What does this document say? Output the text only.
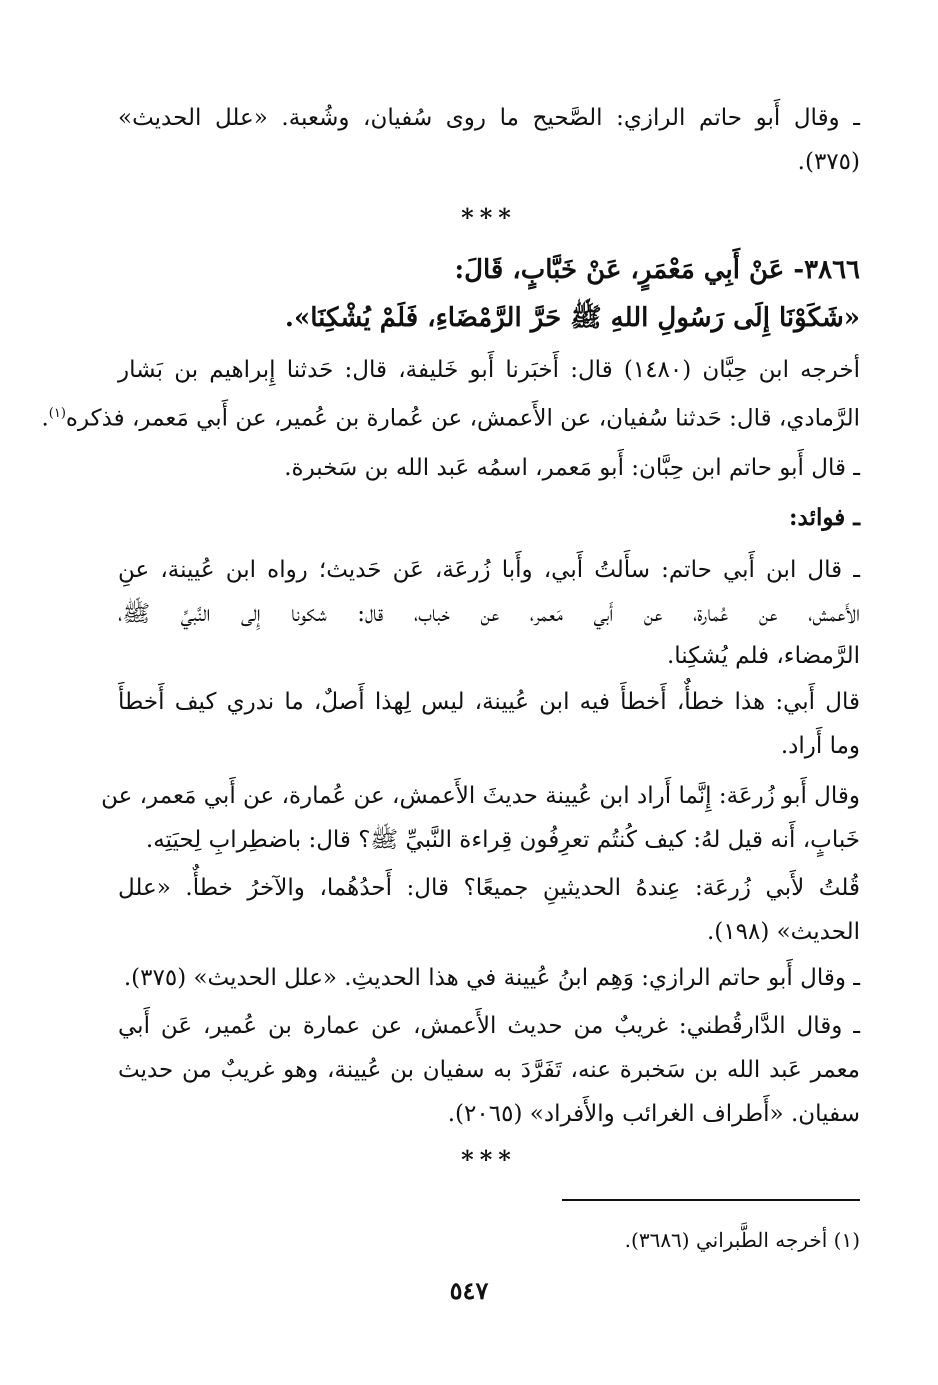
ـ وقال أَبو حاتم الرازي: الصَّحيح ما روى سُفيان، وشُعبة. «علل الحديث»
(٣٧٥).
***
٣٨٦٦- عَنْ أَبِي مَعْمَرٍ، عَنْ خَبَّابٍ، قَالَ:
«شَكَوْنَا إِلَى رَسُولِ اللهِ ﷺ حَرَّ الرَّمْضَاءِ، فَلَمْ يُشْكِنَا».
أخرجه ابن حِبَّان (١٤٨٠) قال: أَخبَرنا أَبو خَليفة، قال: حَدثنا إِبراهيم بن بَشار
الرَّمادي، قال: حَدثنا سُفيان، عن الأَعمش، عن عُمارة بن عُمير، عن أَبي مَعمر، فذكره$^{(١)}$.
ـ قال أَبو حاتم ابن حِبَّان: أَبو مَعمر، اسمُه عَبد الله بن سَخبرة.
ـ فوائد:
ـ قال ابن أَبي حاتم: سأَلتُ أَبي، وأَبا زُرعَة، عَن حَديث؛ رواه ابن عُيينة، عنِ
الأَعمش، عن عُمارة، عن أَبي مَعمر، عن خباب، قال: شكونا إِلى النَّبيِّ ﷺ،
الرَّمضاء، فلم يُشكِنا.
قال أَبي: هذا خطأٌ، أَخطأَ فيه ابن عُيينة، ليس لِهذا أَصلٌ، ما ندري كيف أَخطأَ
وما أَراد.
وقال أَبو زُرعَة: إِنَّما أَراد ابن عُيينة حديثَ الأَعمش، عن عُمارة، عن أَبي مَعمر، عن
خَبابٍ، أَنه قيل لهُ: كيف كُنتُم تعرِفُون قِراءة النَّبيِّ ﷺ؟ قال: باضطِرابِ لِحيَتِه.
قُلتُ لأَبي زُرعَة: عِندهُ الحديثينِ جميعًا؟ قال: أَحدُهُما، والآخرُ خطأٌ. «علل
الحديث» (١٩٨).
ـ وقال أَبو حاتم الرازي: وَهِم ابنُ عُيينة في هذا الحديثِ. «علل الحديث» (٣٧٥).
ـ وقال الدَّارقُطني: غريبٌ من حديث الأَعمش، عن عمارة بن عُمير، عَن أَبي
معمر عَبد الله بن سَخبرة عنه، تَفَرَّدَ به سفيان بن عُيينة، وهو غريبٌ من حديث
سفيان. «أَطراف الغرائب والأَفراد» (٢٠٦٥).
***
(١) أخرجه الطَّبراني (٣٦٨٦).
٥٤٧
